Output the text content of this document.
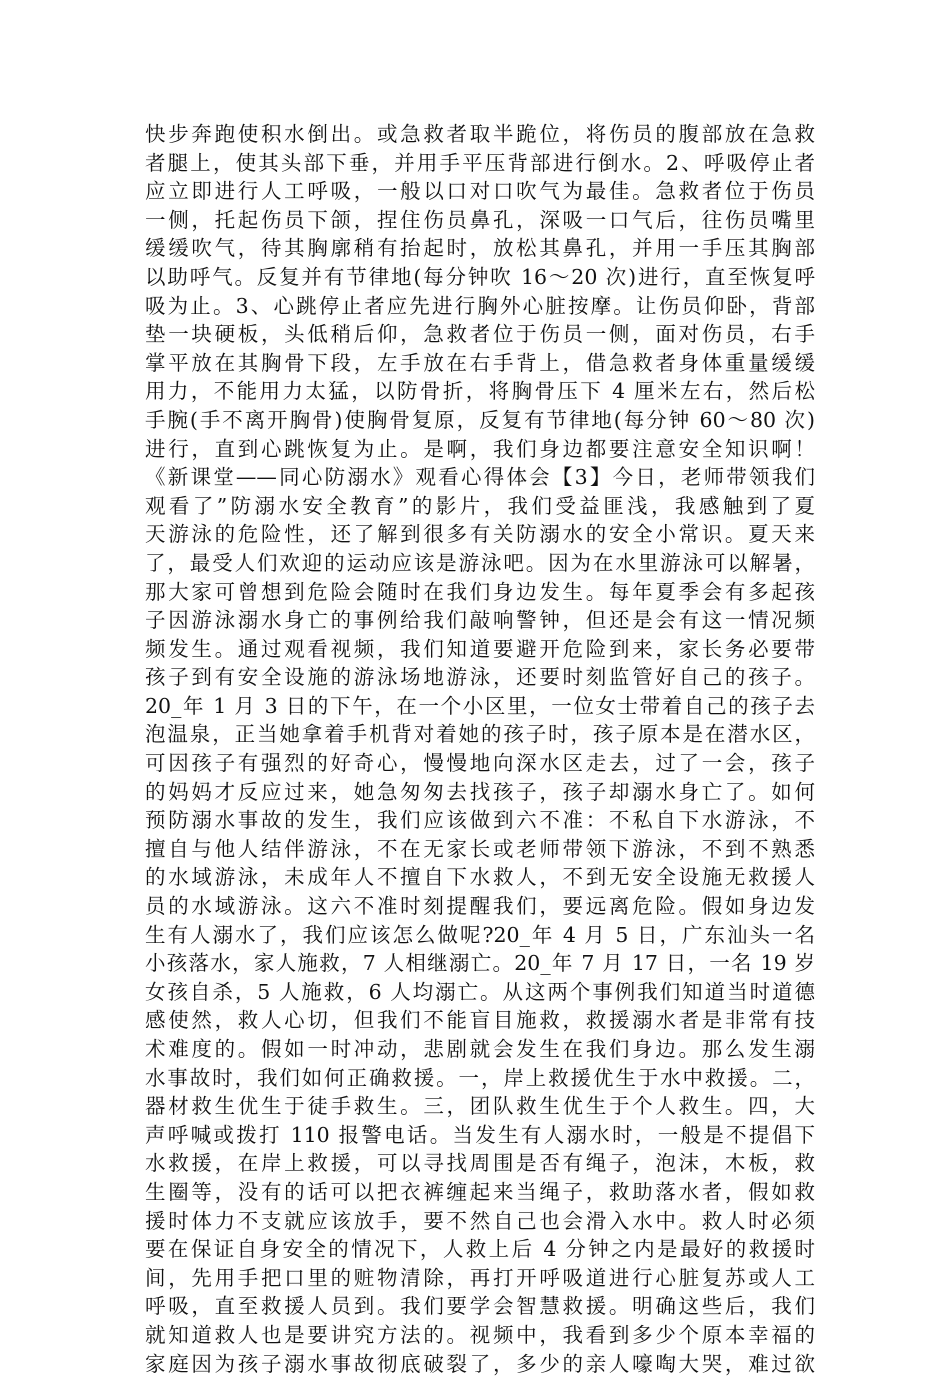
快步奔跑使积水倒出。或急救者取半跪位，将伤员的腹部放在急救
者腿上，使其头部下垂，并用手平压背部进行倒水。2、呼吸停止者
应立即进行人工呼吸，一般以口对口吹气为最佳。急救者位于伤员
一侧，托起伤员下颌，捏住伤员鼻孔，深吸一口气后，往伤员嘴里
缓缓吹气，待其胸廓稍有抬起时，放松其鼻孔，并用一手压其胸部
以助呼气。反复并有节律地(每分钟吹 16～20 次)进行，直至恢复呼
吸为止。3、心跳停止者应先进行胸外心脏按摩。让伤员仰卧，背部
垫一块硬板，头低稍后仰，急救者位于伤员一侧，面对伤员，右手
掌平放在其胸骨下段，左手放在右手背上，借急救者身体重量缓缓
用力，不能用力太猛，以防骨折，将胸骨压下 4 厘米左右，然后松
手腕(手不离开胸骨)使胸骨复原，反复有节律地(每分钟 60～80 次)
进行，直到心跳恢复为止。是啊，我们身边都要注意安全知识啊！
《新课堂——同心防溺水》观看心得体会【3】今日，老师带领我们
观看了”防溺水安全教育”的影片，我们受益匪浅，我感触到了夏
天游泳的危险性，还了解到很多有关防溺水的安全小常识。夏天来
了，最受人们欢迎的运动应该是游泳吧。因为在水里游泳可以解暑，
那大家可曾想到危险会随时在我们身边发生。每年夏季会有多起孩
子因游泳溺水身亡的事例给我们敲响警钟，但还是会有这一情况频
频发生。通过观看视频，我们知道要避开危险到来，家长务必要带
孩子到有安全设施的游泳场地游泳，还要时刻监管好自己的孩子。
20_年 1 月 3 日的下午，在一个小区里，一位女士带着自己的孩子去
泡温泉，正当她拿着手机背对着她的孩子时，孩子原本是在潜水区，
可因孩子有强烈的好奇心，慢慢地向深水区走去，过了一会，孩子
的妈妈才反应过来，她急匆匆去找孩子，孩子却溺水身亡了。如何
预防溺水事故的发生，我们应该做到六不准：不私自下水游泳，不
擅自与他人结伴游泳，不在无家长或老师带领下游泳，不到不熟悉
的水域游泳，未成年人不擅自下水救人，不到无安全设施无救援人
员的水域游泳。这六不准时刻提醒我们，要远离危险。假如身边发
生有人溺水了，我们应该怎么做呢?20_年 4 月 5 日，广东汕头一名
小孩落水，家人施救，7 人相继溺亡。20_年 7 月 17 日，一名 19 岁
女孩自杀，5 人施救，6 人均溺亡。从这两个事例我们知道当时道德
感使然，救人心切，但我们不能盲目施救，救援溺水者是非常有技
术难度的。假如一时冲动，悲剧就会发生在我们身边。那么发生溺
水事故时，我们如何正确救援。一，岸上救援优生于水中救援。二，
器材救生优生于徒手救生。三，团队救生优生于个人救生。四，大
声呼喊或拨打 110 报警电话。当发生有人溺水时，一般是不提倡下
水救援，在岸上救援，可以寻找周围是否有绳子，泡沫，木板，救
生圈等，没有的话可以把衣裤缠起来当绳子，救助落水者，假如救
援时体力不支就应该放手，要不然自己也会滑入水中。救人时必须
要在保证自身安全的情况下，人救上后 4 分钟之内是最好的救援时
间，先用手把口里的赃物清除，再打开呼吸道进行心脏复苏或人工
呼吸，直至救援人员到。我们要学会智慧救援。明确这些后，我们
就知道救人也是要讲究方法的。视频中，我看到多少个原本幸福的
家庭因为孩子溺水事故彻底破裂了，多少的亲人嚎啕大哭，难过欲
